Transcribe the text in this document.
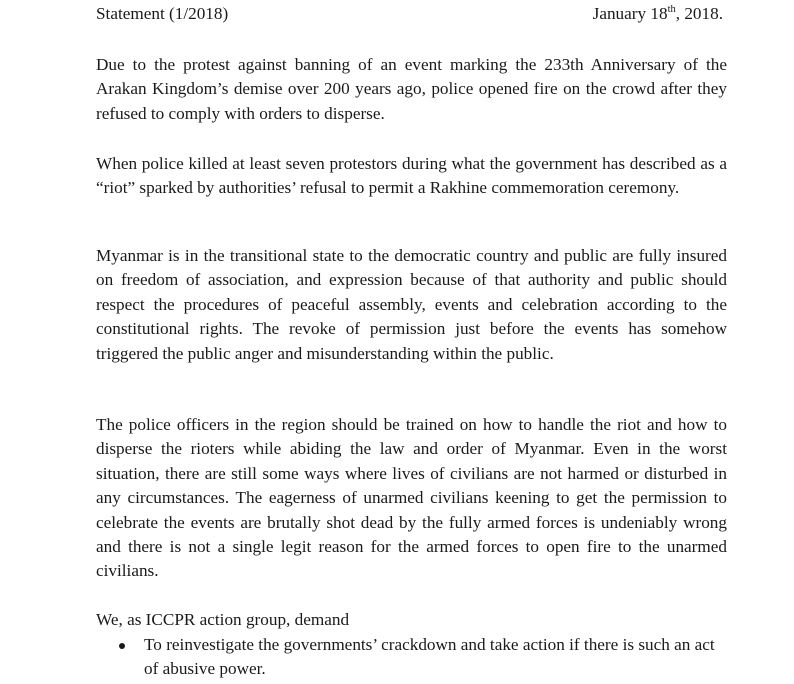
Statement (1/2018)	January 18th, 2018.

Due to the protest against banning of an event marking the 233th Anniversary of the Arakan Kingdom’s demise over 200 years ago, police opened fire on the crowd after they refused to comply with orders to disperse.

When police killed at least seven protestors during what the government has described as a “riot” sparked by authorities’ refusal to permit a Rakhine commemoration ceremony.

Myanmar is in the transitional state to the democratic country and public are fully insured on freedom of association, and expression because of that authority and public should respect the procedures of peaceful assembly, events and celebration according to the constitutional rights. The revoke of permission just before the events has somehow triggered the public anger and misunderstanding within the public.

The police officers in the region should be trained on how to handle the riot and how to disperse the rioters while abiding the law and order of Myanmar. Even in the worst situation, there are still some ways where lives of civilians are not harmed or disturbed in any circumstances. The eagerness of unarmed civilians keening to get the permission to celebrate the events are brutally shot dead by the fully armed forces is undeniably wrong and there is not a single legit reason for the armed forces to open fire to the unarmed civilians.

We, as ICCPR action group, demand

To reinvestigate the governments’ crackdown and take action if there is such an act of abusive power.
